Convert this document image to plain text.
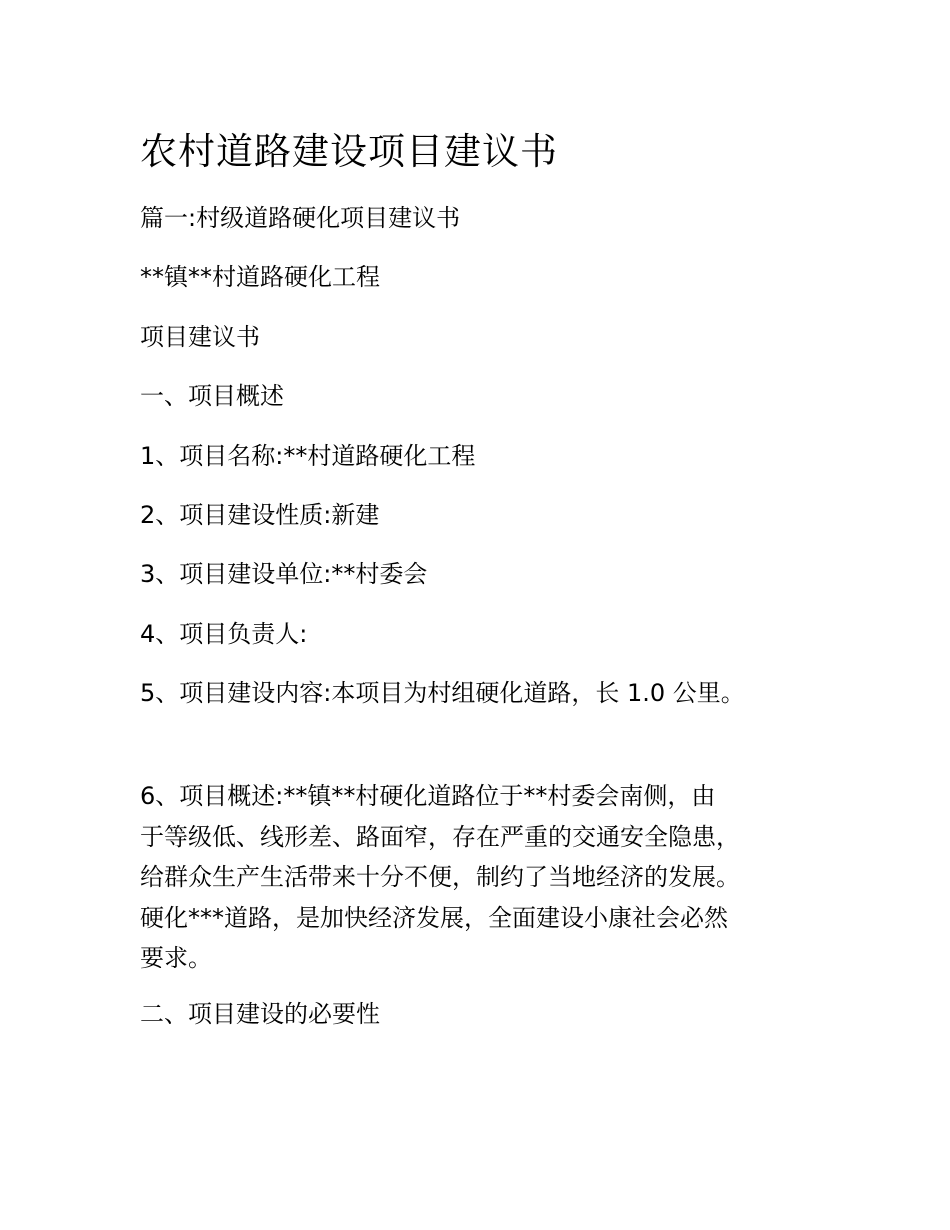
农村道路建设项目建议书
篇一:村级道路硬化项目建议书
**镇**村道路硬化工程
项目建议书
一、项目概述
1、项目名称:**村道路硬化工程
2、项目建设性质:新建
3、项目建设单位:**村委会
4、项目负责人:
5、项目建设内容:本项目为村组硬化道路，长 1.0 公里。
6、项目概述:**镇**村硬化道路位于**村委会南侧，由
于等级低、线形差、路面窄，存在严重的交通安全隐患，
给群众生产生活带来十分不便，制约了当地经济的发展。
硬化***道路，是加快经济发展，全面建设小康社会必然
要求。
二、项目建设的必要性
